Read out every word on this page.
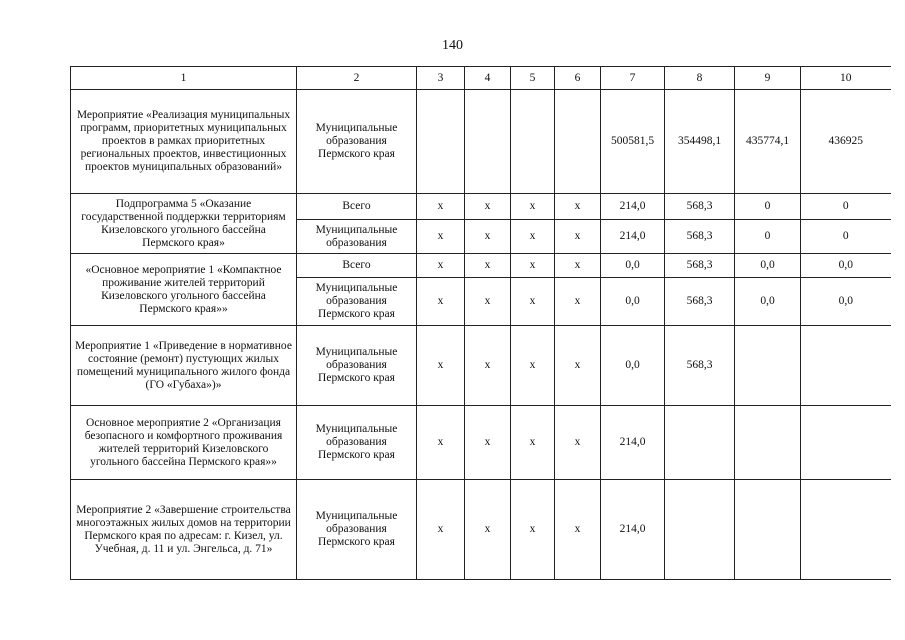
140
1	2	3	4	5	6	7	8	9	10
Мероприятие «Реализация муниципальных программ, приоритетных муниципальных проектов в рамках приоритетных региональных проектов, инвестиционных проектов муниципальных образований»	Муниципальные образования Пермского края					500581,5	354498,1	435774,1	436925
Подпрограмма 5 «Оказание государственной поддержки территориям Кизеловского угольного бассейна Пермского края»	Всего	х	х	х	х	214,0	568,3	0	0
	Муниципальные образования	х	х	х	х	214,0	568,3	0	0
«Основное мероприятие 1 «Компактное проживание жителей территорий Кизеловского угольного бассейна Пермского края»»	Всего	х	х	х	х	0,0	568,3	0,0	0,0
	Муниципальные образования Пермского края	х	х	х	х	0,0	568,3	0,0	0,0
Мероприятие 1 «Приведение в нормативное состояние (ремонт) пустующих жилых помещений муниципального жилого фонда (ГО «Губаха»)»	Муниципальные образования Пермского края	х	х	х	х	0,0	568,3		
Основное мероприятие 2 «Организация безопасного и комфортного проживания жителей территорий Кизеловского угольного бассейна Пермского края»»	Муниципальные образования Пермского края	х	х	х	х	214,0			
Мероприятие 2 «Завершение строительства многоэтажных жилых домов на территории Пермского края по адресам: г. Кизел, ул. Учебная, д. 11 и ул. Энгельса, д. 71»	Муниципальные образования Пермского края	х	х	х	х	214,0			
